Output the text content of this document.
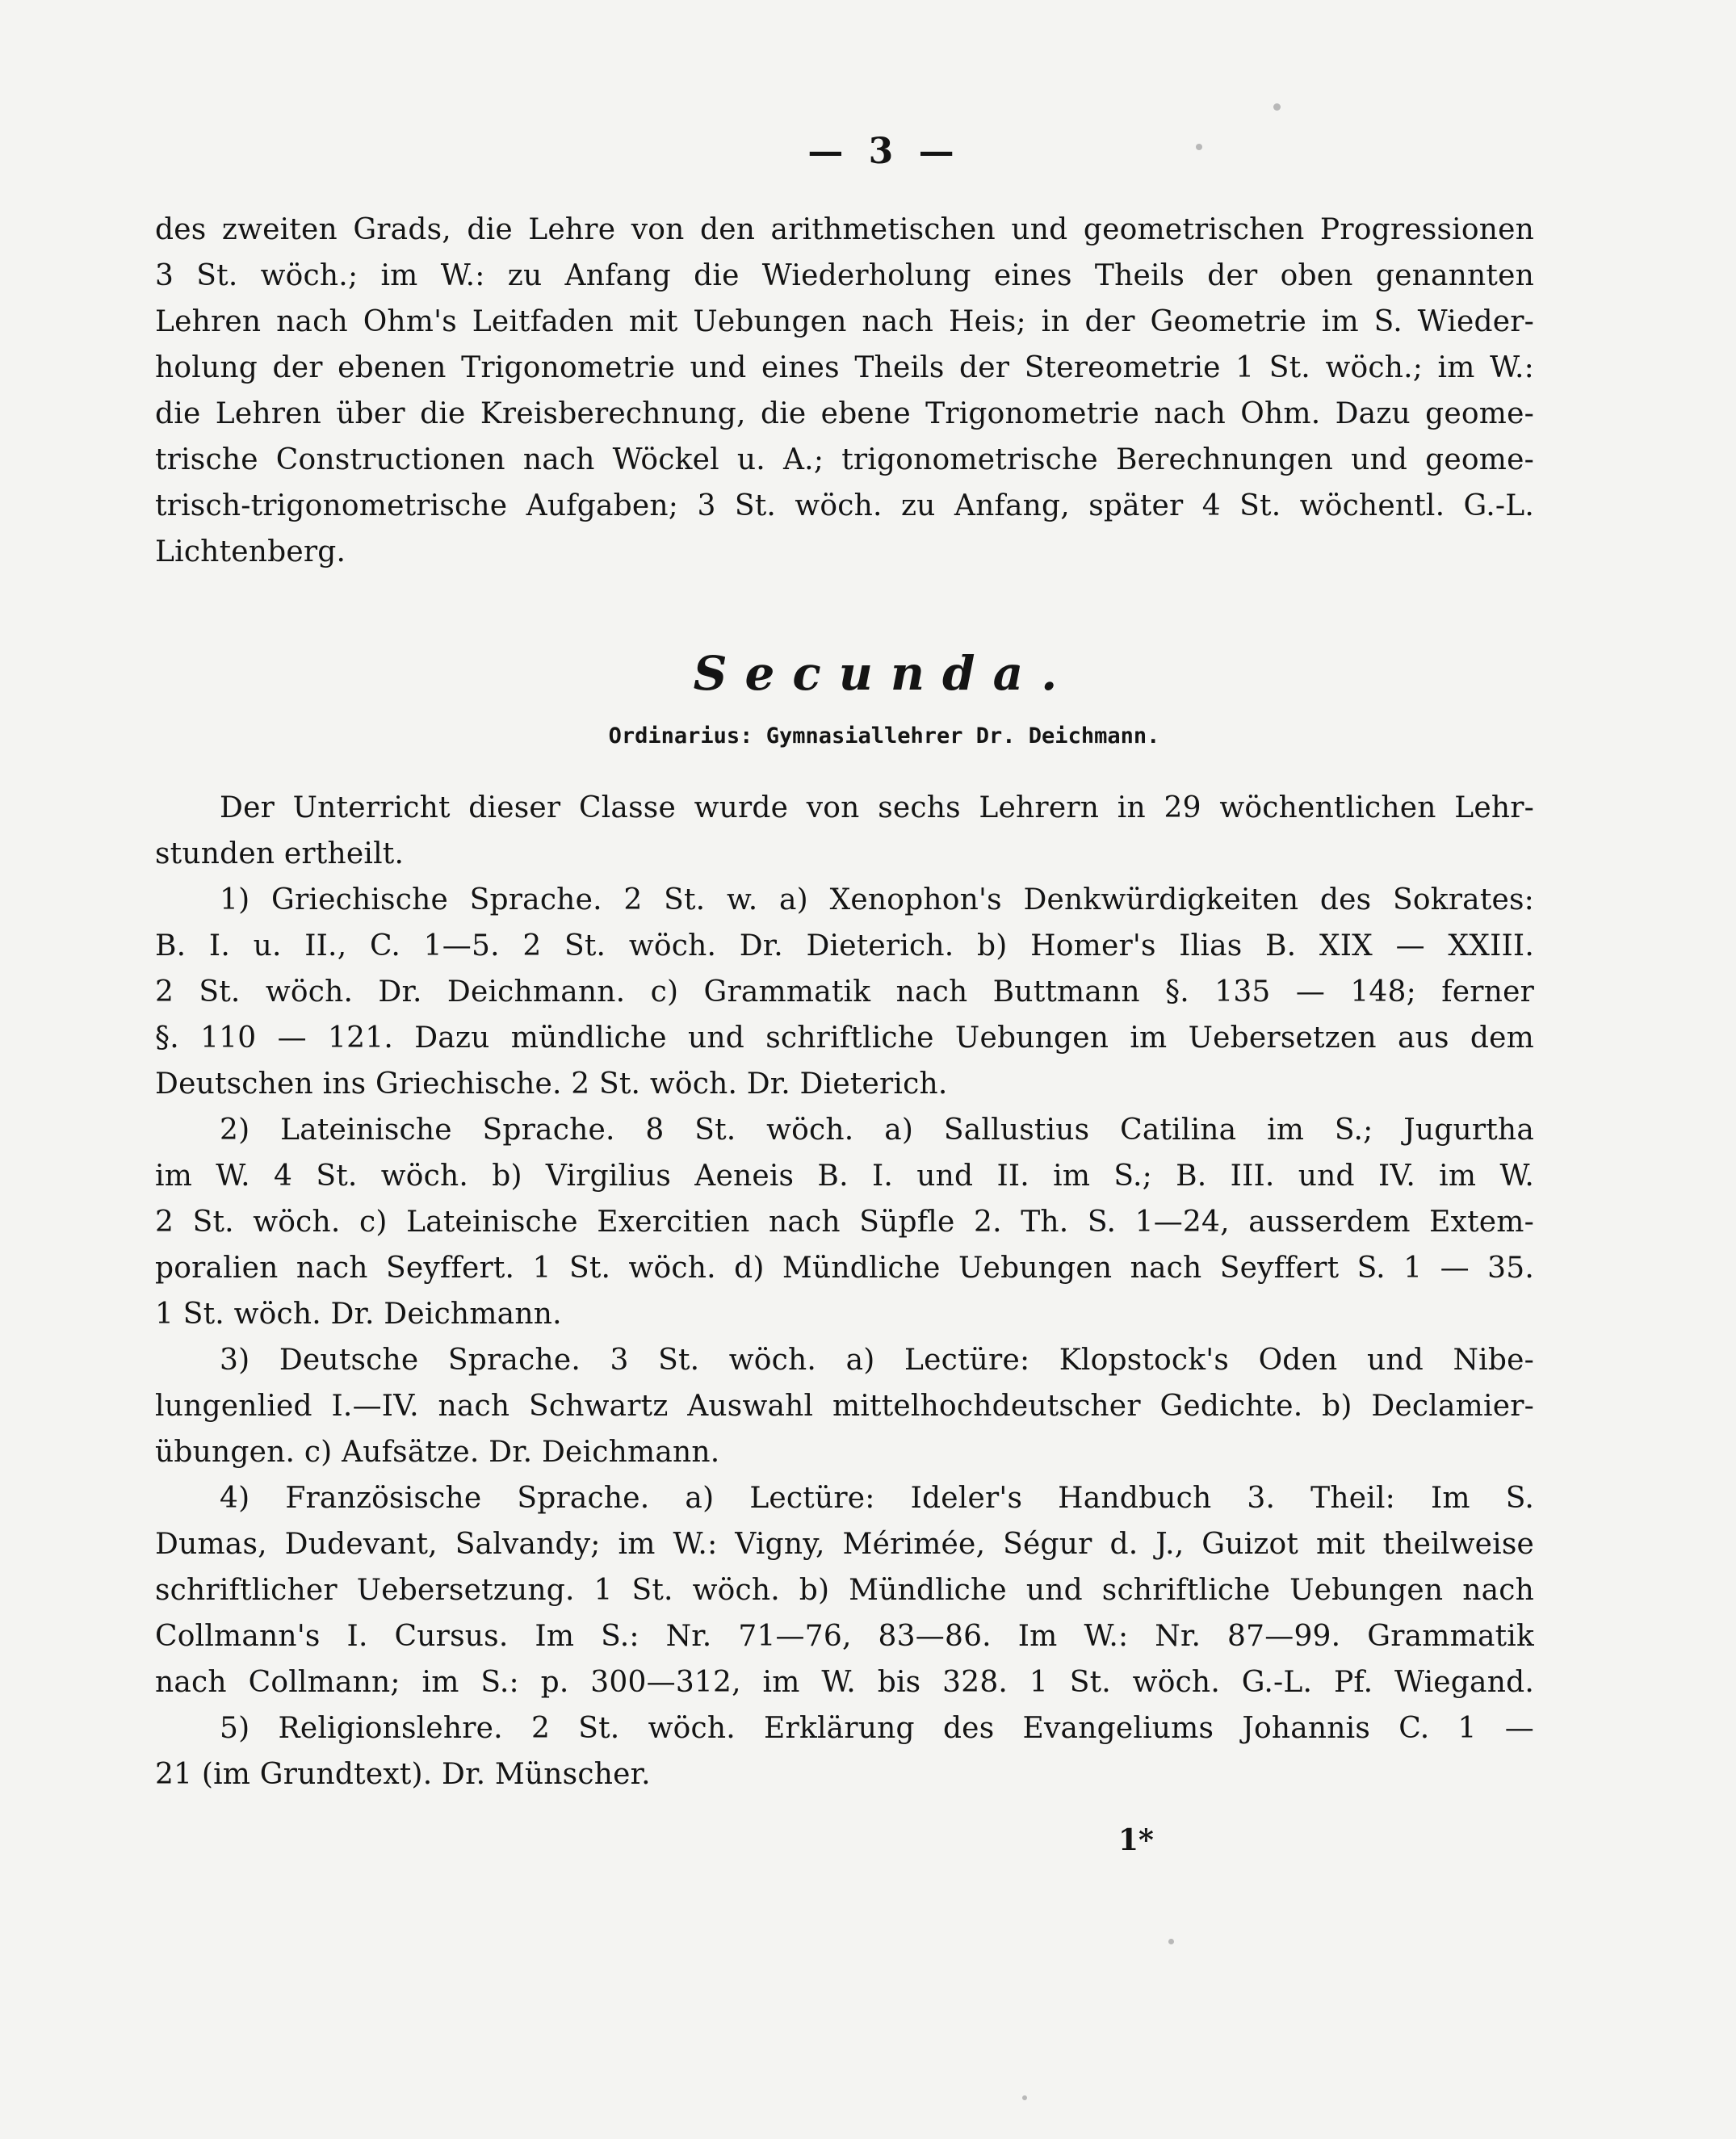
— 3 —
des zweiten Grads, die Lehre von den arithmetischen und geometrischen Progressionen
3 St. wöch.; im W.: zu Anfang die Wiederholung eines Theils der oben genannten
Lehren nach Ohm's Leitfaden mit Uebungen nach Heis; in der Geometrie im S. Wieder-
holung der ebenen Trigonometrie und eines Theils der Stereometrie 1 St. wöch.; im W.:
die Lehren über die Kreisberechnung, die ebene Trigonometrie nach Ohm. Dazu geome-
trische Constructionen nach Wöckel u. A.; trigonometrische Berechnungen und geome-
trisch-trigonometrische Aufgaben; 3 St. wöch. zu Anfang, später 4 St. wöchentl. G.-L.
Lichtenberg.
Secunda.
Ordinarius: Gymnasiallehrer Dr. Deichmann.
Der Unterricht dieser Classe wurde von sechs Lehrern in 29 wöchentlichen Lehr-
stunden ertheilt.
1) Griechische Sprache. 2 St. w. a) Xenophon's Denkwürdigkeiten des Sokrates:
B. I. u. II., C. 1—5. 2 St. wöch. Dr. Dieterich. b) Homer's Ilias B. XIX — XXIII.
2 St. wöch. Dr. Deichmann. c) Grammatik nach Buttmann §. 135 — 148; ferner
§. 110 — 121. Dazu mündliche und schriftliche Uebungen im Uebersetzen aus dem
Deutschen ins Griechische. 2 St. wöch. Dr. Dieterich.
2) Lateinische Sprache. 8 St. wöch. a) Sallustius Catilina im S.; Jugurtha
im W. 4 St. wöch. b) Virgilius Aeneis B. I. und II. im S.; B. III. und IV. im W.
2 St. wöch. c) Lateinische Exercitien nach Süpfle 2. Th. S. 1—24, ausserdem Extem-
poralien nach Seyffert. 1 St. wöch. d) Mündliche Uebungen nach Seyffert S. 1 — 35.
1 St. wöch. Dr. Deichmann.
3) Deutsche Sprache. 3 St. wöch. a) Lectüre: Klopstock's Oden und Nibe-
lungenlied I.—IV. nach Schwartz Auswahl mittelhochdeutscher Gedichte. b) Declamier-
übungen. c) Aufsätze. Dr. Deichmann.
4) Französische Sprache. a) Lectüre: Ideler's Handbuch 3. Theil: Im S.
Dumas, Dudevant, Salvandy; im W.: Vigny, Mérimée, Ségur d. J., Guizot mit theilweise
schriftlicher Uebersetzung. 1 St. wöch. b) Mündliche und schriftliche Uebungen nach
Collmann's I. Cursus. Im S.: Nr. 71—76, 83—86. Im W.: Nr. 87—99. Grammatik
nach Collmann; im S.: p. 300—312, im W. bis 328. 1 St. wöch. G.-L. Pf. Wiegand.
5) Religionslehre. 2 St. wöch. Erklärung des Evangeliums Johannis C. 1 —
21 (im Grundtext). Dr. Münscher.
1*
